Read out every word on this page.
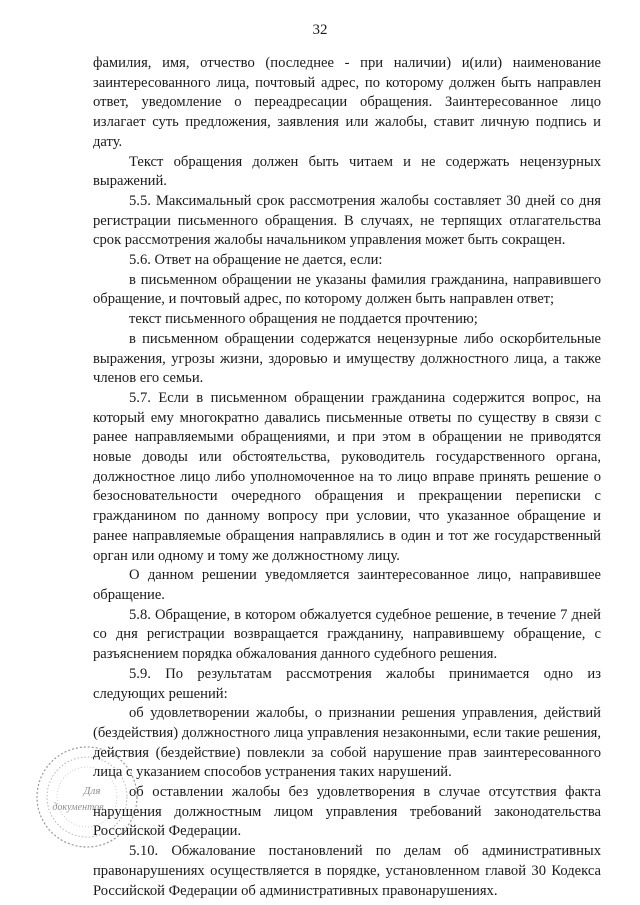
32

фамилия, имя, отчество (последнее - при наличии) и(или) наименование заинтересованного лица, почтовый адрес, по которому должен быть направлен ответ, уведомление о переадресации обращения. Заинтересованное лицо излагает суть предложения, заявления или жалобы, ставит личную подпись и дату.

Текст обращения должен быть читаем и не содержать нецензурных выражений.

5.5. Максимальный срок рассмотрения жалобы составляет 30 дней со дня регистрации письменного обращения. В случаях, не терпящих отлагательства срок рассмотрения жалобы начальником управления может быть сокращен.

5.6. Ответ на обращение не дается, если:

в письменном обращении не указаны фамилия гражданина, направившего обращение, и почтовый адрес, по которому должен быть направлен ответ;

текст письменного обращения не поддается прочтению;

в письменном обращении содержатся нецензурные либо оскорбительные выражения, угрозы жизни, здоровью и имуществу должностного лица, а также членов его семьи.

5.7. Если в письменном обращении гражданина содержится вопрос, на который ему многократно давались письменные ответы по существу в связи с ранее направляемыми обращениями, и при этом в обращении не приводятся новые доводы или обстоятельства, руководитель государственного органа, должностное лицо либо уполномоченное на то лицо вправе принять решение о безосновательности очередного обращения и прекращении переписки с гражданином по данному вопросу при условии, что указанное обращение и ранее направляемые обращения направлялись в один и тот же государственный орган или одному и тому же должностному лицу.

О данном решении уведомляется заинтересованное лицо, направившее обращение.

5.8. Обращение, в котором обжалуется судебное решение, в течение 7 дней со дня регистрации возвращается гражданину, направившему обращение, с разъяснением порядка обжалования данного судебного решения.

5.9. По результатам рассмотрения жалобы принимается одно из следующих решений:

об удовлетворении жалобы, о признании решения управления, действий (бездействия) должностного лица управления незаконными, если такие решения, действия (бездействие) повлекли за собой нарушение прав заинтересованного лица с указанием способов устранения таких нарушений.

об оставлении жалобы без удовлетворения в случае отсутствия факта нарушения должностным лицом управления требований законодательства Российской Федерации.

5.10. Обжалование постановлений по делам об административных правонарушениях осуществляется в порядке, установленном главой 30 Кодекса Российской Федерации об административных правонарушениях.

Для
документов
